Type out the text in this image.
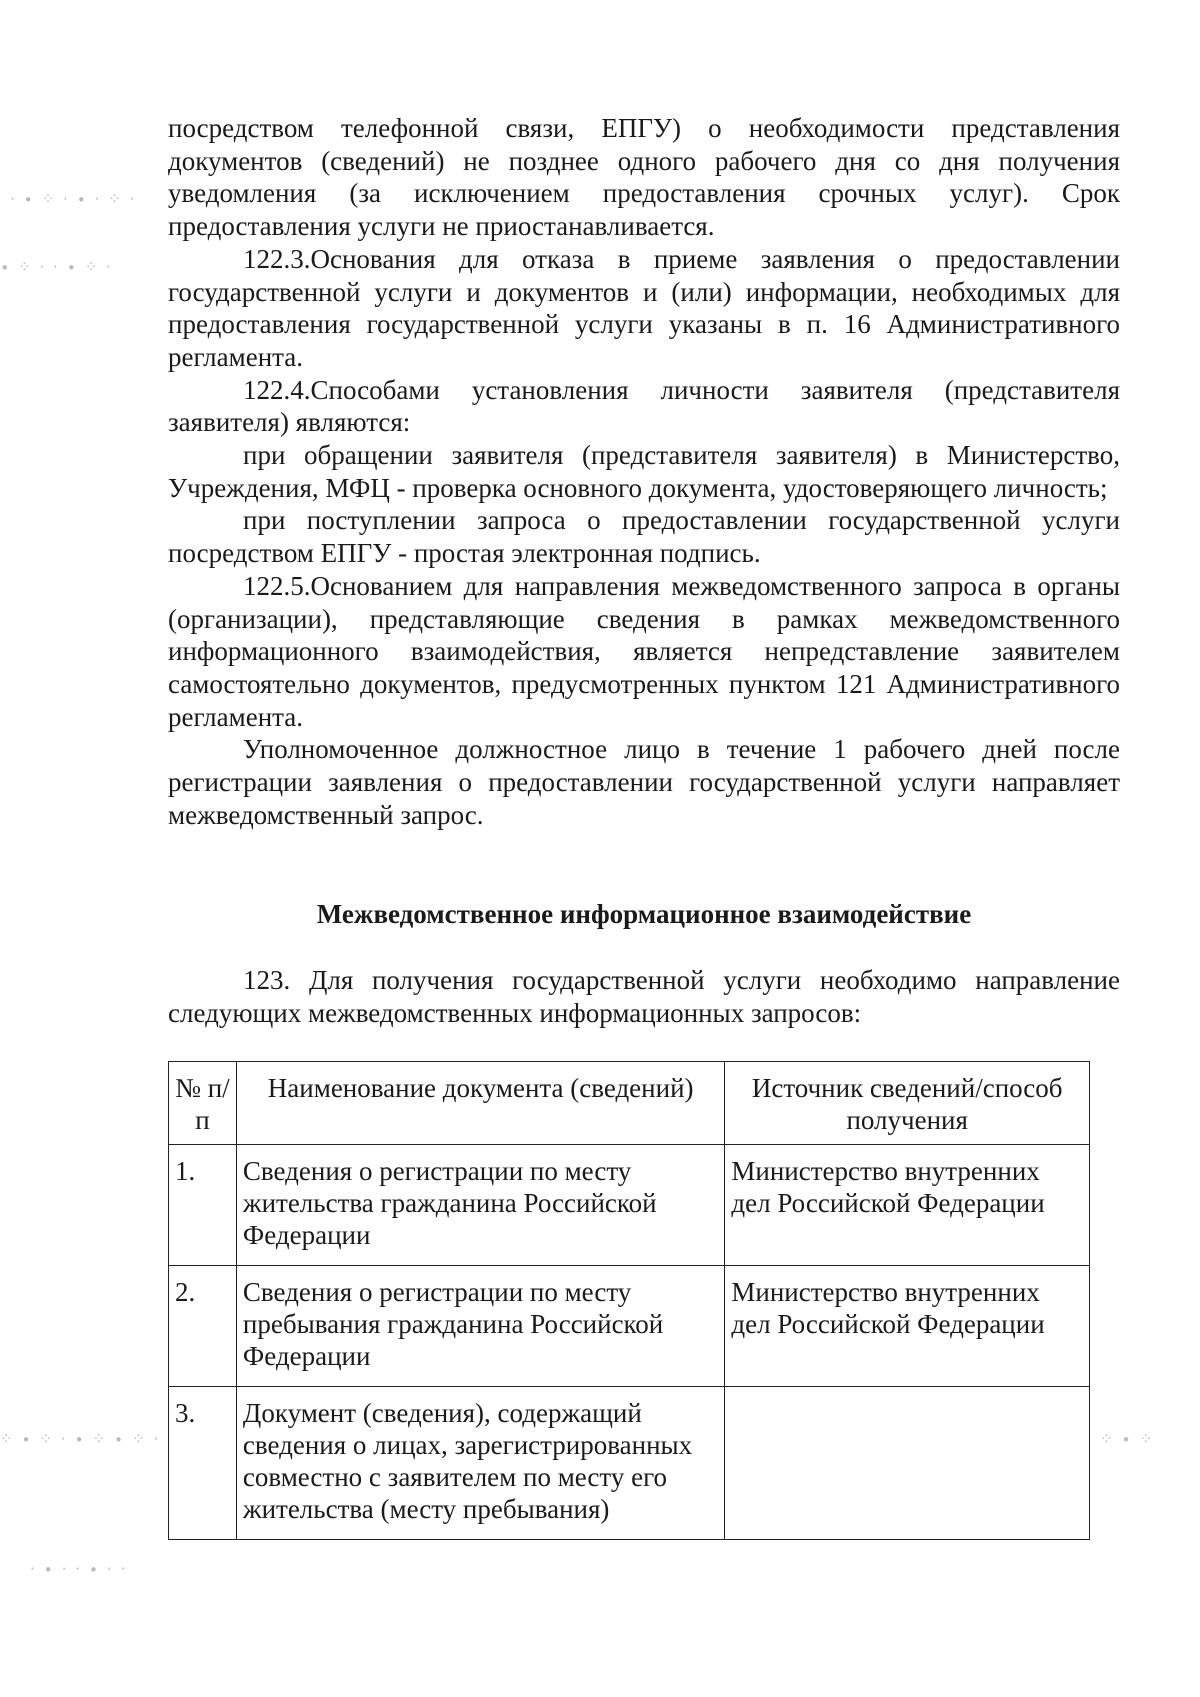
посредством телефонной связи, ЕПГУ) о необходимости представления документов (сведений) не позднее одного рабочего дня со дня получения уведомления (за исключением предоставления срочных услуг). Срок предоставления услуги не приостанавливается.

122.3.Основания для отказа в приеме заявления о предоставлении государственной услуги и документов и (или) информации, необходимых для предоставления государственной услуги указаны в п. 16 Административного регламента.

122.4.Способами установления личности заявителя (представителя заявителя) являются:

при обращении заявителя (представителя заявителя) в Министерство, Учреждения, МФЦ - проверка основного документа, удостоверяющего личность;

при поступлении запроса о предоставлении государственной услуги посредством ЕПГУ - простая электронная подпись.

122.5.Основанием для направления межведомственного запроса в органы (организации), представляющие сведения в рамках межведомственного информационного взаимодействия, является непредставление заявителем самостоятельно документов, предусмотренных пунктом 121 Административного регламента.

Уполномоченное должностное лицо в течение 1 рабочего дней после регистрации заявления о предоставлении государственной услуги направляет межведомственный запрос.

Межведомственное информационное взаимодействие

123. Для получения государственной услуги необходимо направление следующих межведомственных информационных запросов:

№ п/п	Наименование документа (сведений)	Источник сведений/способ получения
1.	Сведения о регистрации по месту жительства гражданина Российской Федерации	Министерство внутренних дел Российской Федерации
2.	Сведения о регистрации по месту пребывания гражданина Российской Федерации	Министерство внутренних дел Российской Федерации
3.	Документ (сведения), содержащий сведения о лицах, зарегистрированных совместно с заявителем по месту его жительства (месту пребывания)	
· ∙ ⁘ · ∙ · ⁘ ·
∙ ⁘ · · ∙ ⁘ ·
⁘ ∙ ⁘ · ∙ ⁘ ∙ ⁘ ·	⁘ ∙ ⁘
· ∙ · · ∙ · ·
